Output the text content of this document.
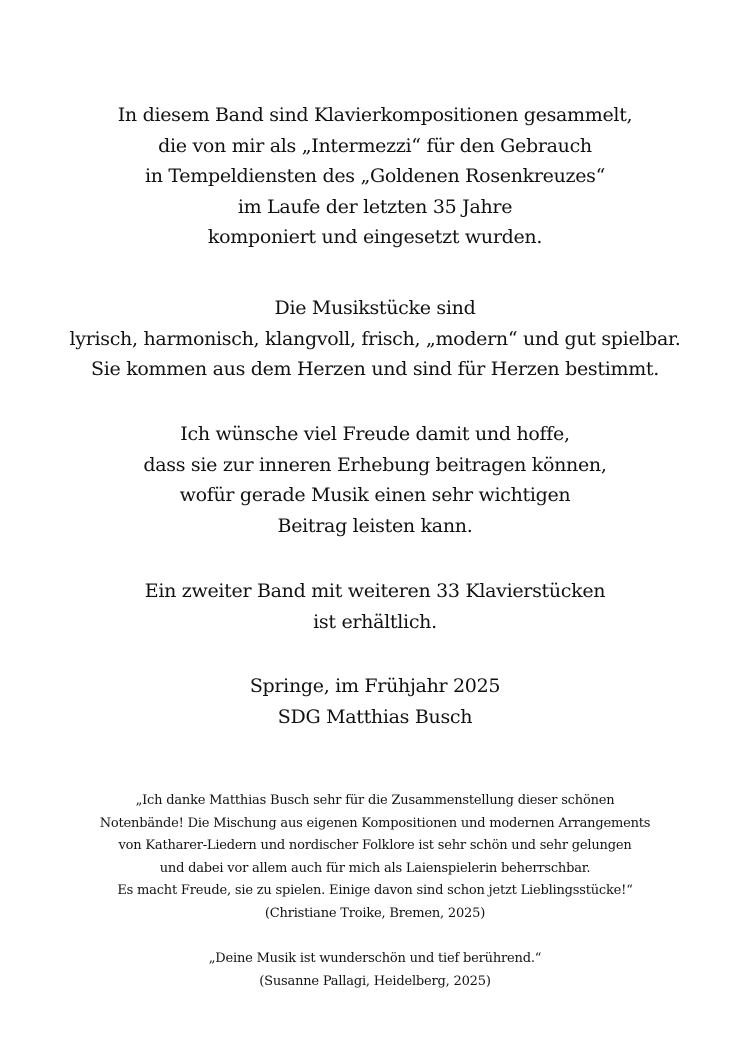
In diesem Band sind Klavierkompositionen gesammelt,
die von mir als „Intermezzi“ für den Gebrauch
in Tempeldiensten des „Goldenen Rosenkreuzes“
im Laufe der letzten 35 Jahre
komponiert und eingesetzt wurden.
Die Musikstücke sind
lyrisch, harmonisch, klangvoll, frisch, „modern“ und gut spielbar.
Sie kommen aus dem Herzen und sind für Herzen bestimmt.
Ich wünsche viel Freude damit und hoffe,
dass sie zur inneren Erhebung beitragen können,
wofür gerade Musik einen sehr wichtigen
Beitrag leisten kann.
Ein zweiter Band mit weiteren 33 Klavierstücken
ist erhältlich.
Springe, im Frühjahr 2025
SDG Matthias Busch
„Ich danke Matthias Busch sehr für die Zusammenstellung dieser schönen
Notenbände! Die Mischung aus eigenen Kompositionen und modernen Arrangements
von Katharer-Liedern und nordischer Folklore ist sehr schön und sehr gelungen
und dabei vor allem auch für mich als Laienspielerin beherrschbar.
Es macht Freude, sie zu spielen. Einige davon sind schon jetzt Lieblingsstücke!“
(Christiane Troike, Bremen, 2025)
„Deine Musik ist wunderschön und tief berührend.“
(Susanne Pallagi, Heidelberg, 2025)
